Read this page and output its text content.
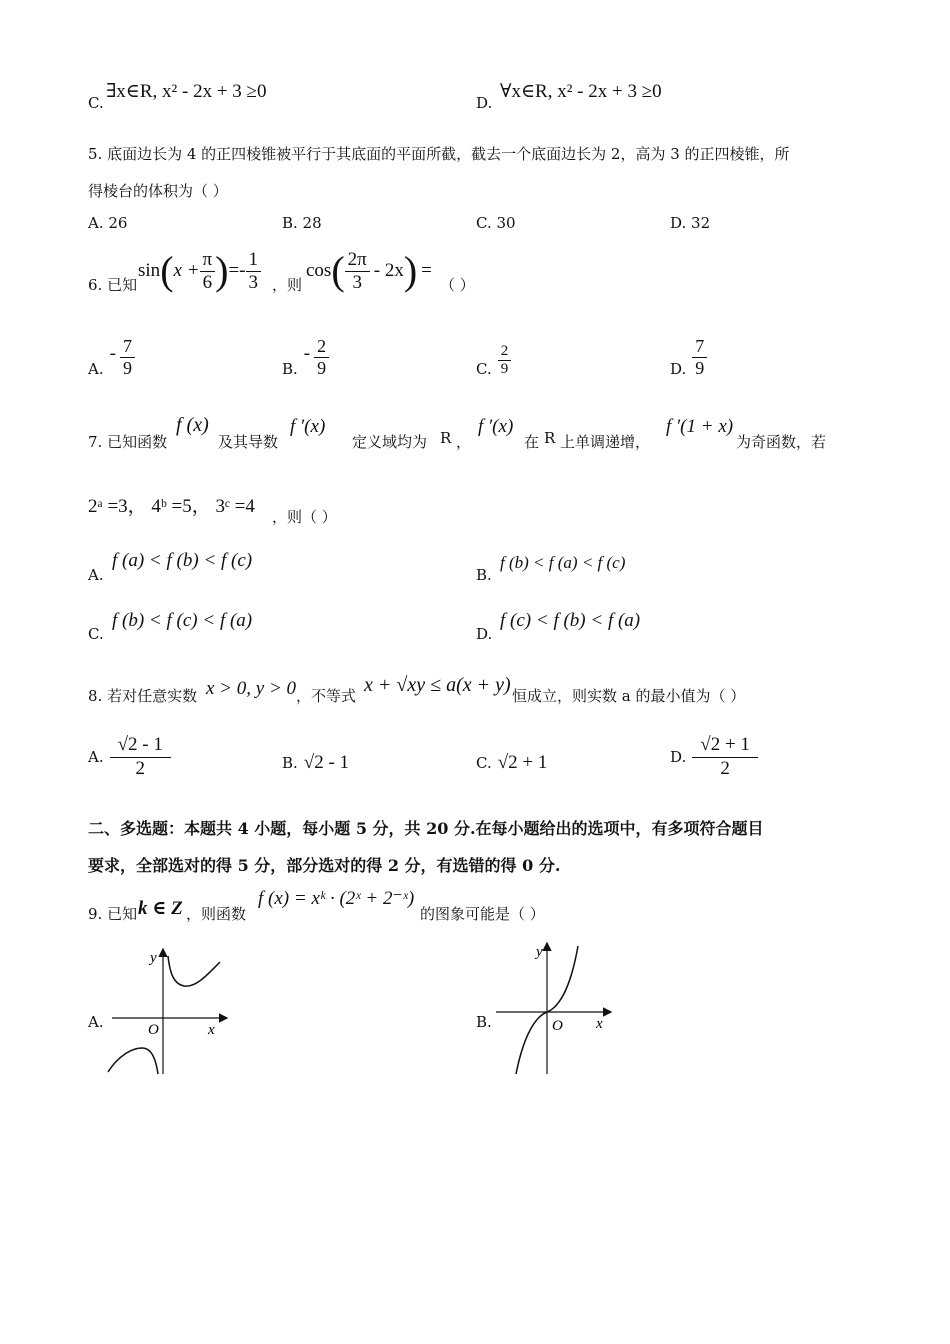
C.
∃x∈R, x² - 2x + 3 ≥0
D.
∀x∈R, x² - 2x + 3 ≥0
5. 底面边长为 4 的正四棱锥被平行于其底面的平面所截，截去一个底面边长为 2，高为 3 的正四棱锥，所
得棱台的体积为（ ）
A. 26	B. 28	C. 30	D. 32
6. 已知
sin ( $x + \frac{\pi}{6}$ ) =- $\frac{1}{3}$ ，则
cos ( $\frac{2\pi}{3} - 2x$ ) =
（ ）
A.
- $\frac{7}{9}$	B.
- $\frac{2}{9}$	C. $\frac{2}{9}$	D. $\frac{7}{9}$
7. 已知函数
f (x)
及其导数
f ′(x)
定义域均为 R ，
f ′(x)
在 R 上单调递增，
f ′(1 + x)
为奇函数，若
2ᵃ =3， 4ᵇ =5， 3ᶜ =4 ，则（ ）
A.
f (a) < f (b) < f (c)
B.
f (b) < f (a) < f (c)
C.
f (b) < f (c) < f (a)
D.
f (c) < f (b) < f (a)
8. 若对任意实数 x > 0, y > 0 ，不等式 x + √xy ≤ a(x + y) 恒成立，则实数 a 的最小值为（ ）
A. $\frac{√2 - 1}{2}$	B. √2 - 1	C. √2 + 1	D. $\frac{√2 + 1}{2}$
二、多选题：本题共 4 小题，每小题 5 分，共 20 分.在每小题给出的选项中，有多项符合题目
要求，全部选对的得 5 分，部分选对的得 2 分，有选错的得 0 分.
9. 已知 k ∈ Z ，则函数
f (x) = xᵏ · (2ˣ + 2⁻ˣ)
的图象可能是（ ）
A.
y
x
O	B.
y
x
O
